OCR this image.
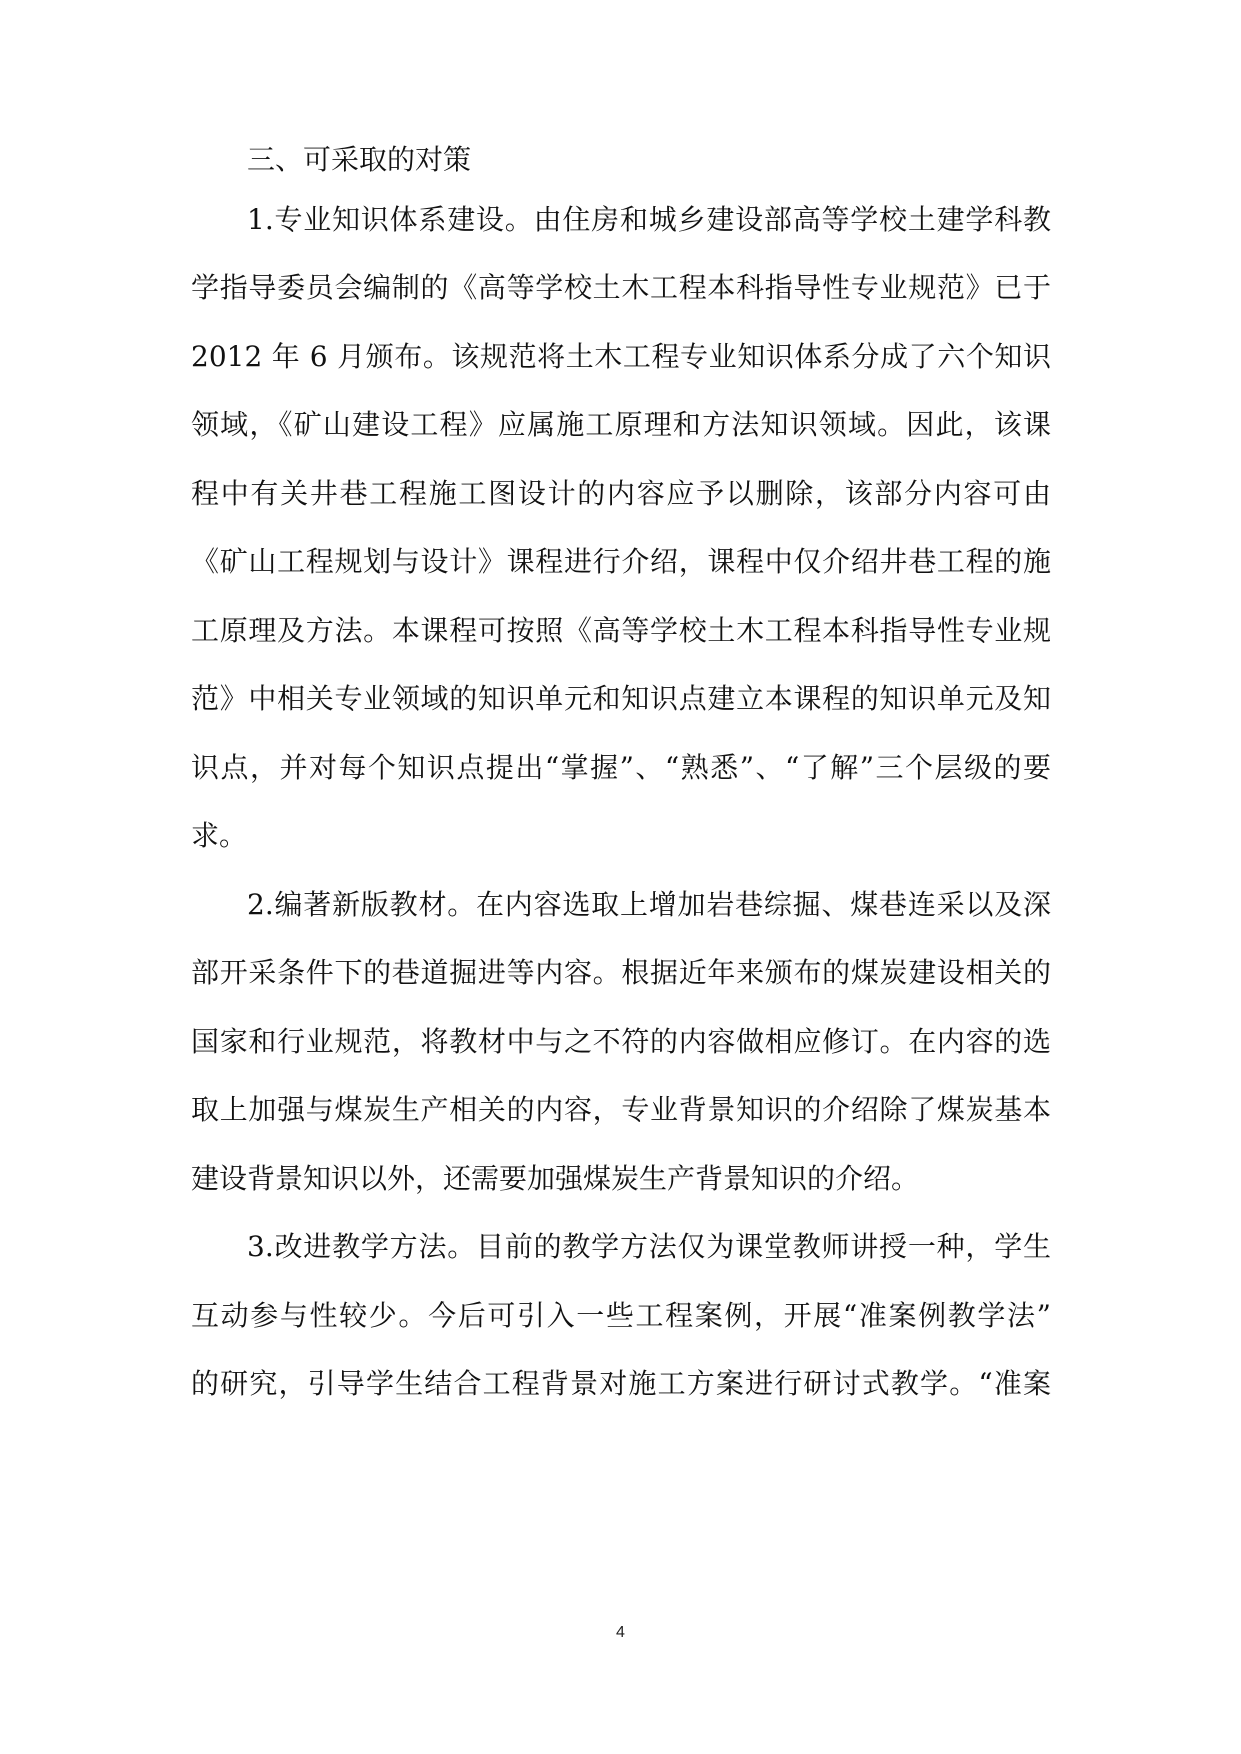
三、可采取的对策
1.专业知识体系建设。由住房和城乡建设部高等学校土建学科教
学指导委员会编制的《高等学校土木工程本科指导性专业规范》已于
2012 年 6 月颁布。该规范将土木工程专业知识体系分成了六个知识
领域，《矿山建设工程》应属施工原理和方法知识领域。因此，该课
程中有关井巷工程施工图设计的内容应予以删除，该部分内容可由
《矿山工程规划与设计》课程进行介绍，课程中仅介绍井巷工程的施
工原理及方法。本课程可按照《高等学校土木工程本科指导性专业规
范》中相关专业领域的知识单元和知识点建立本课程的知识单元及知
识点，并对每个知识点提出“掌握”、“熟悉”、“了解”三个层级的要
求。
2.编著新版教材。在内容选取上增加岩巷综掘、煤巷连采以及深
部开采条件下的巷道掘进等内容。根据近年来颁布的煤炭建设相关的
国家和行业规范，将教材中与之不符的内容做相应修订。在内容的选
取上加强与煤炭生产相关的内容，专业背景知识的介绍除了煤炭基本
建设背景知识以外，还需要加强煤炭生产背景知识的介绍。
3.改进教学方法。目前的教学方法仅为课堂教师讲授一种，学生
互动参与性较少。今后可引入一些工程案例，开展“准案例教学法”
的研究，引导学生结合工程背景对施工方案进行研讨式教学。“准案
4
